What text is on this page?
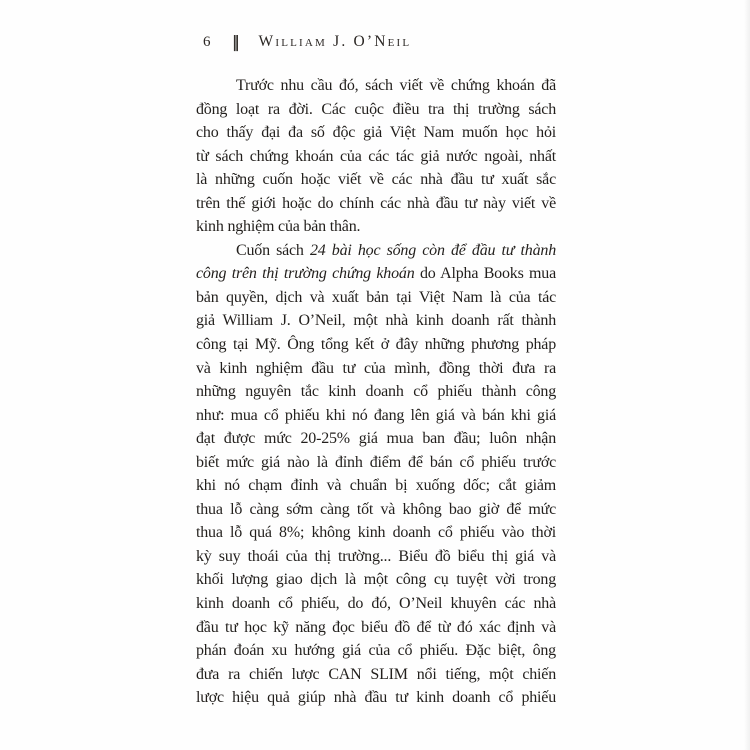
6 ‖ William J. O’Neil
Trước nhu cầu đó, sách viết về chứng khoán đã
đồng loạt ra đời. Các cuộc điều tra thị trường sách
cho thấy đại đa số độc giả Việt Nam muốn học hỏi
từ sách chứng khoán của các tác giả nước ngoài, nhất
là những cuốn hoặc viết về các nhà đầu tư xuất sắc
trên thế giới hoặc do chính các nhà đầu tư này viết về
kinh nghiệm của bản thân.
Cuốn sách 24 bài học sống còn để đầu tư thành
công trên thị trường chứng khoán do Alpha Books mua
bản quyền, dịch và xuất bản tại Việt Nam là của tác
giả William J. O’Neil, một nhà kinh doanh rất thành
công tại Mỹ. Ông tổng kết ở đây những phương pháp
và kinh nghiệm đầu tư của mình, đồng thời đưa ra
những nguyên tắc kinh doanh cổ phiếu thành công
như: mua cổ phiếu khi nó đang lên giá và bán khi giá
đạt được mức 20-25% giá mua ban đầu; luôn nhận
biết mức giá nào là đỉnh điểm để bán cổ phiếu trước
khi nó chạm đỉnh và chuẩn bị xuống dốc; cắt giảm
thua lỗ càng sớm càng tốt và không bao giờ để mức
thua lỗ quá 8%; không kinh doanh cổ phiếu vào thời
kỳ suy thoái của thị trường... Biểu đồ biểu thị giá và
khối lượng giao dịch là một công cụ tuyệt vời trong
kinh doanh cổ phiếu, do đó, O’Neil khuyên các nhà
đầu tư học kỹ năng đọc biểu đồ để từ đó xác định và
phán đoán xu hướng giá của cổ phiếu. Đặc biệt, ông
đưa ra chiến lược CAN SLIM nổi tiếng, một chiến
lược hiệu quả giúp nhà đầu tư kinh doanh cổ phiếu
